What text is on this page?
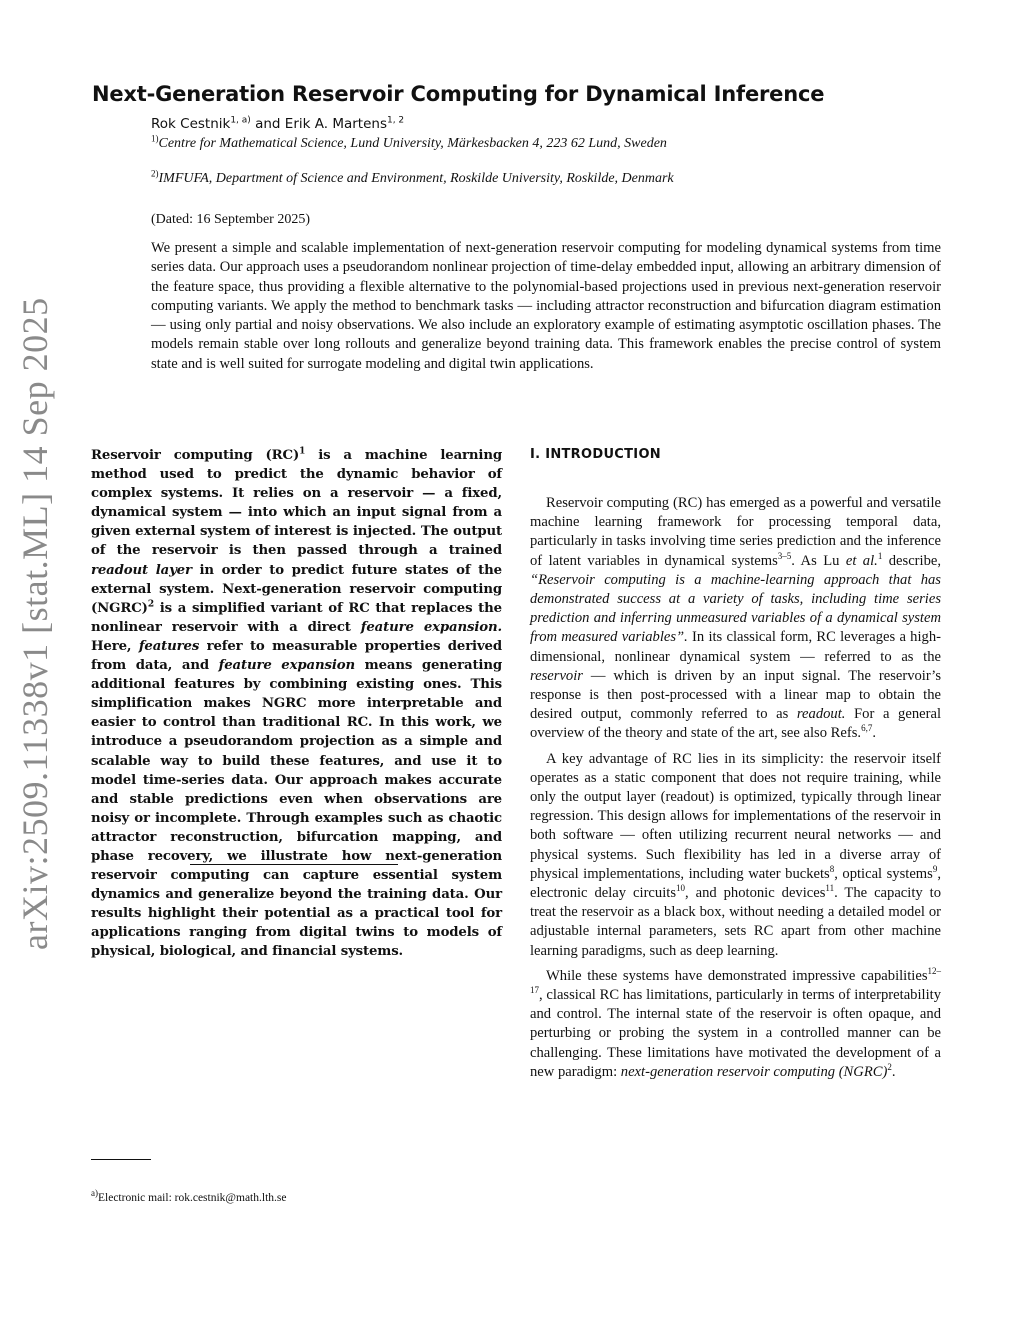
arXiv:2509.11338v1 [stat.ML] 14 Sep 2025
Next-Generation Reservoir Computing for Dynamical Inference
Rok Cestnik$^{1, a)}$ and Erik A. Martens$^{1, 2}$
$^{1)}$Centre for Mathematical Science, Lund University, Märkesbacken 4, 223 62 Lund, Sweden
$^{2)}$IMFUFA, Department of Science and Environment, Roskilde University, Roskilde, Denmark
(Dated: 16 September 2025)
We present a simple and scalable implementation of next-generation reservoir computing for modeling dynamical systems from time series data. Our approach uses a pseudorandom nonlinear projection of time-delay embedded input, allowing an arbitrary dimension of the feature space, thus providing a flexible alternative to the polynomial-based projections used in previous next-generation reservoir computing variants. We apply the method to benchmark tasks — including attractor reconstruction and bifurcation diagram estimation — using only partial and noisy observations. We also include an exploratory example of estimating asymptotic oscillation phases. The models remain stable over long rollouts and generalize beyond training data. This framework enables the precise control of system state and is well suited for surrogate modeling and digital twin applications.
Reservoir computing (RC)$^1$ is a machine learning method used to predict the dynamic behavior of complex systems. It relies on a reservoir — a fixed, dynamical system — into which an input signal from a given external system of interest is injected. The output of the reservoir is then passed through a trained readout layer in order to predict future states of the external system. Next-generation reservoir computing (NGRC)$^2$ is a simplified variant of RC that replaces the nonlinear reservoir with a direct feature expansion. Here, features refer to measurable properties derived from data, and feature expansion means generating additional features by combining existing ones. This simplification makes NGRC more interpretable and easier to control than traditional RC. In this work, we introduce a pseudorandom projection as a simple and scalable way to build these features, and use it to model time-series data. Our approach makes accurate and stable predictions even when observations are noisy or incomplete. Through examples such as chaotic attractor reconstruction, bifurcation mapping, and phase recovery, we illustrate how next-generation reservoir computing can capture essential system dynamics and generalize beyond the training data. Our results highlight their potential as a practical tool for applications ranging from digital twins to models of physical, biological, and financial systems.
$^{a)}$Electronic mail: rok.cestnik@math.lth.se
I. INTRODUCTION

Reservoir computing (RC) has emerged as a powerful and versatile machine learning framework for processing temporal data, particularly in tasks involving time series prediction and the inference of latent variables in dynamical systems$^{3-5}$. As Lu et al.$^1$ describe, “Reservoir computing is a machine-learning approach that has demonstrated success at a variety of tasks, including time series prediction and inferring unmeasured variables of a dynamical system from measured variables”. In its classical form, RC leverages a high-dimensional, nonlinear dynamical system — referred to as the reservoir — which is driven by an input signal. The reservoir’s response is then post-processed with a linear map to obtain the desired output, commonly referred to as readout. For a general overview of the theory and state of the art, see also Refs.$^{6,7}$.

A key advantage of RC lies in its simplicity: the reservoir itself operates as a static component that does not require training, while only the output layer (readout) is optimized, typically through linear regression. This design allows for implementations of the reservoir in both software — often utilizing recurrent neural networks — and physical systems. Such flexibility has led in a diverse array of physical implementations, including water buckets$^8$, optical systems$^9$, electronic delay circuits$^{10}$, and photonic devices$^{11}$. The capacity to treat the reservoir as a black box, without needing a detailed model or adjustable internal parameters, sets RC apart from other machine learning paradigms, such as deep learning.

While these systems have demonstrated impressive capabilities$^{12-17}$, classical RC has limitations, particularly in terms of interpretability and control. The internal state of the reservoir is often opaque, and perturbing or probing the system in a controlled manner can be challenging. These limitations have motivated the development of a new paradigm: next-generation reservoir computing (NGRC)$^2$.
